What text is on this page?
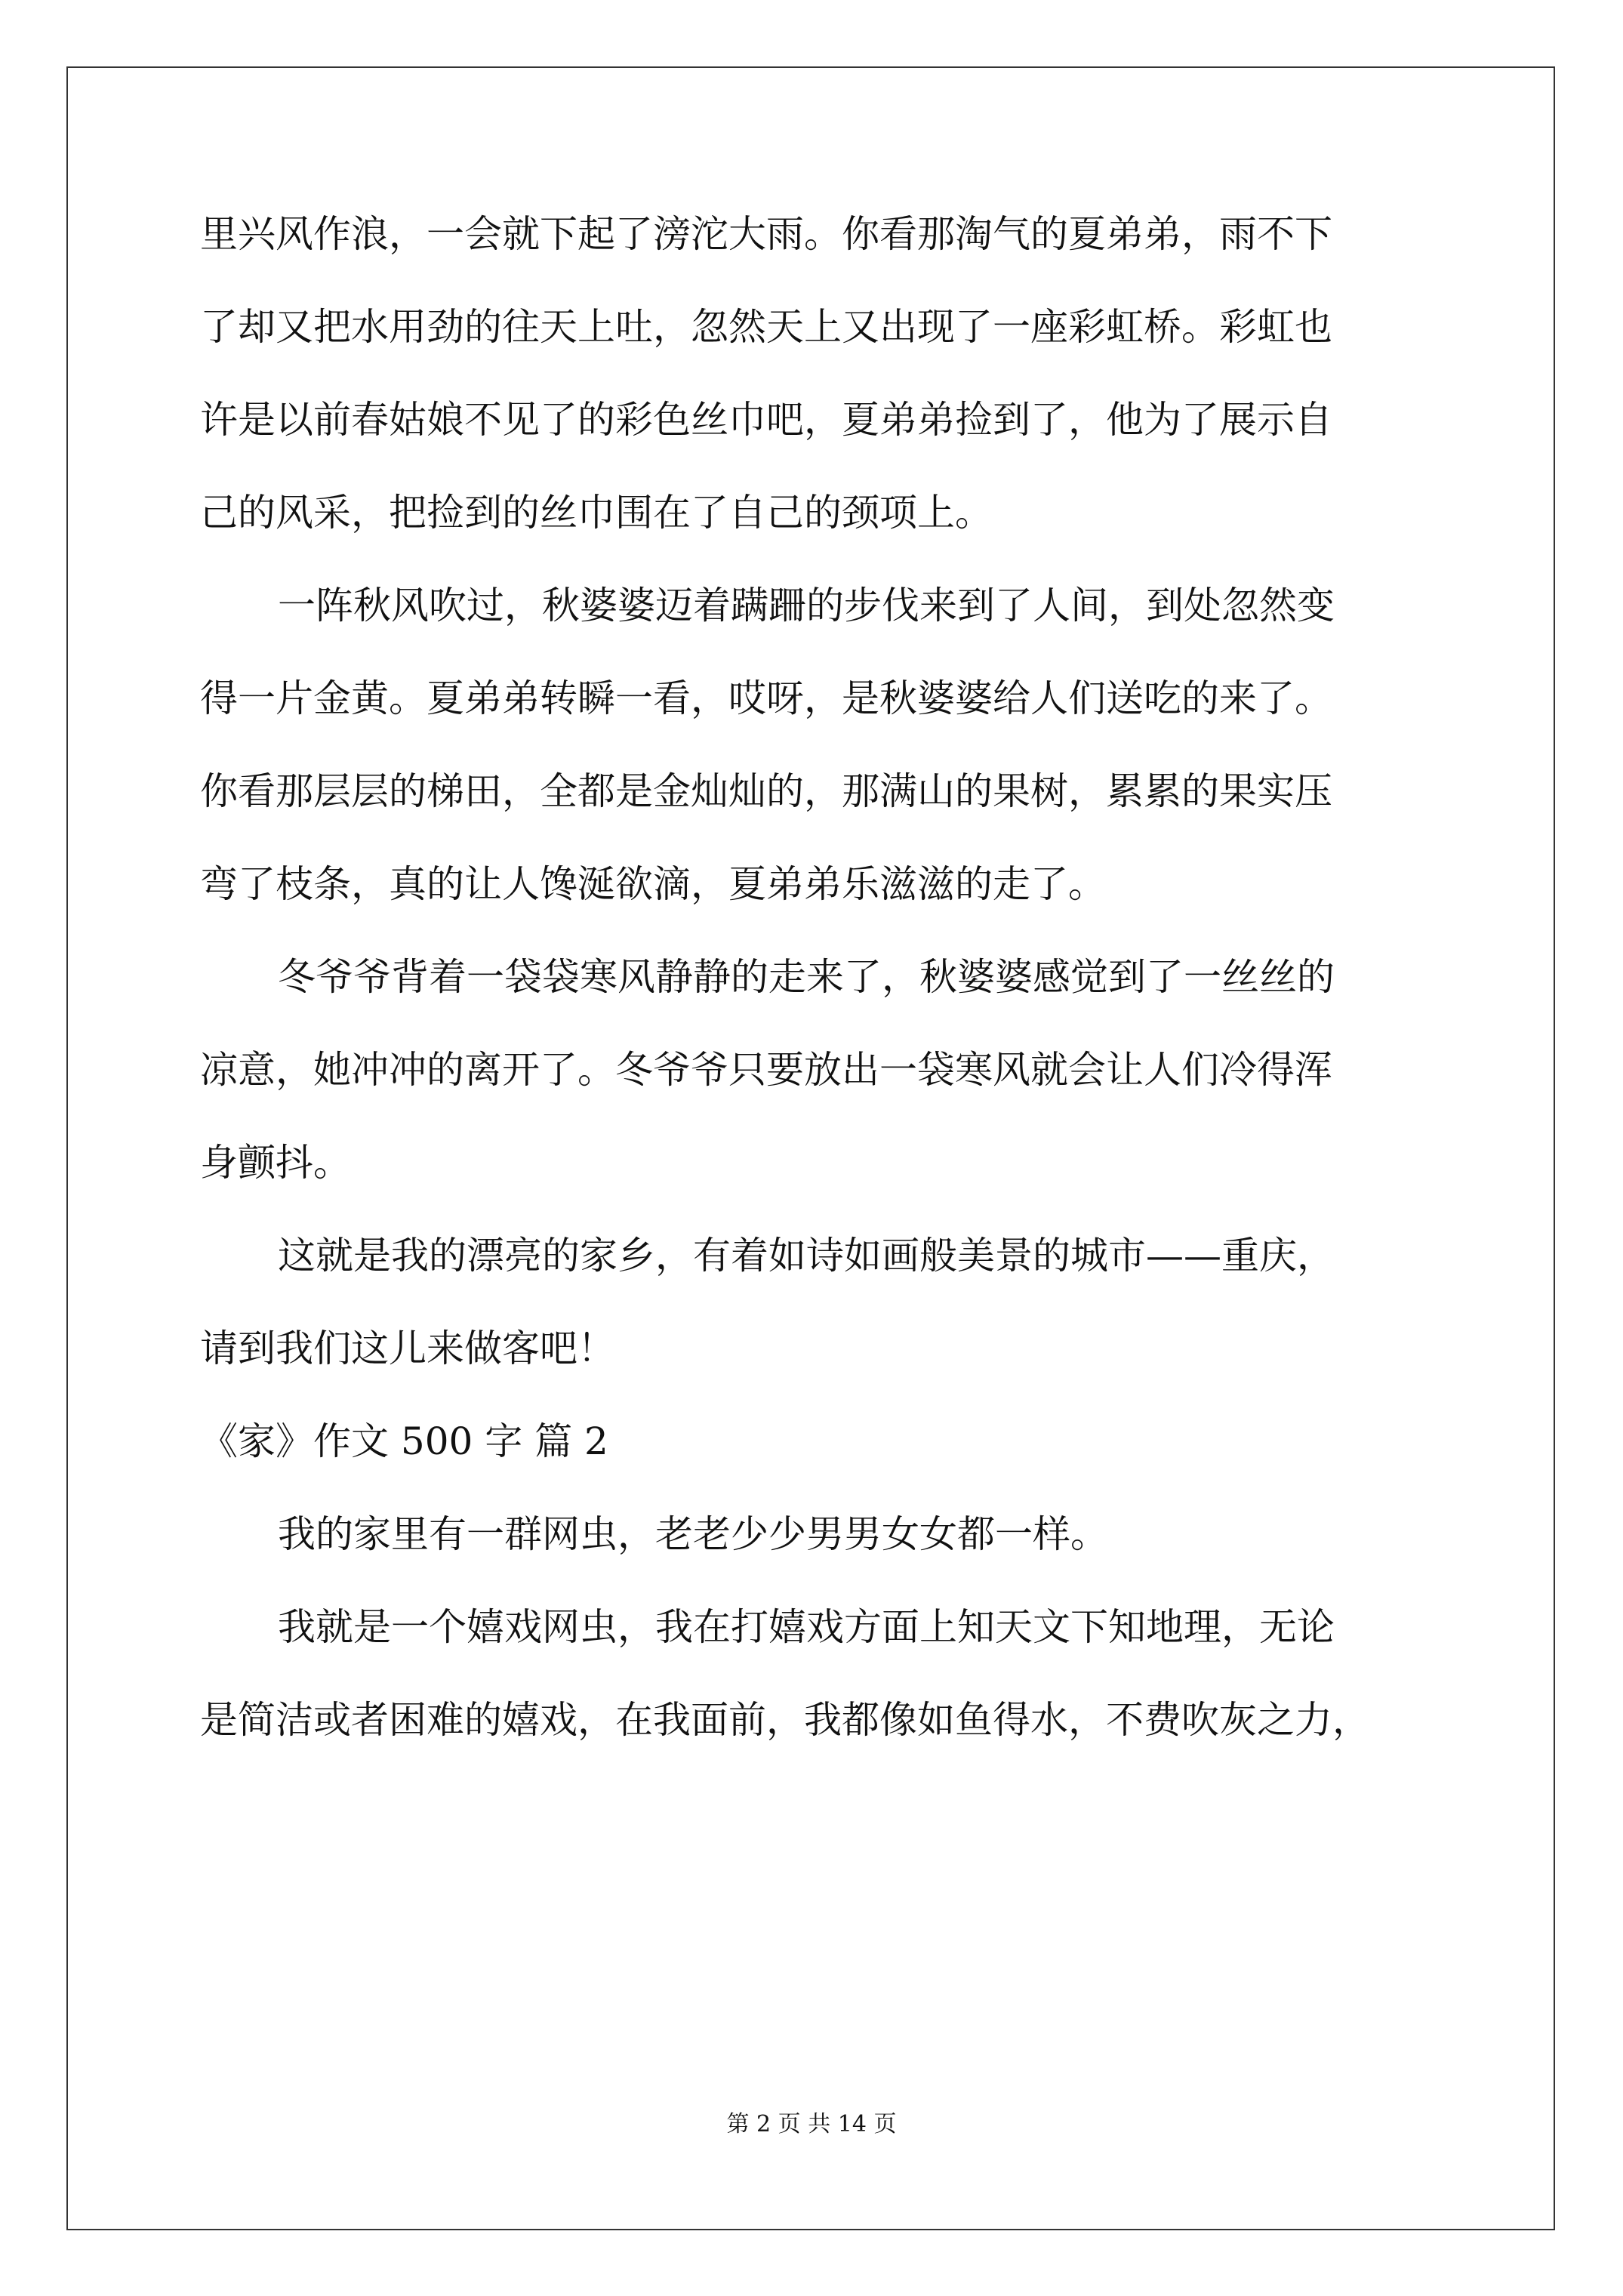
里兴风作浪，一会就下起了滂沱大雨。你看那淘气的夏弟弟，雨不下
了却又把水用劲的往天上吐，忽然天上又出现了一座彩虹桥。彩虹也
许是以前春姑娘不见了的彩色丝巾吧，夏弟弟捡到了，他为了展示自
己的风采，把捡到的丝巾围在了自己的颈项上。
一阵秋风吹过，秋婆婆迈着蹒跚的步伐来到了人间，到处忽然变
得一片金黄。夏弟弟转瞬一看，哎呀，是秋婆婆给人们送吃的来了。
你看那层层的梯田，全都是金灿灿的，那满山的果树，累累的果实压
弯了枝条，真的让人馋涎欲滴，夏弟弟乐滋滋的走了。
冬爷爷背着一袋袋寒风静静的走来了，秋婆婆感觉到了一丝丝的
凉意，她冲冲的离开了。冬爷爷只要放出一袋寒风就会让人们冷得浑
身颤抖。
这就是我的漂亮的家乡，有着如诗如画般美景的城市——重庆，
请到我们这儿来做客吧！
《家》作文 500 字 篇 2
我的家里有一群网虫，老老少少男男女女都一样。
我就是一个嬉戏网虫，我在打嬉戏方面上知天文下知地理，无论
是简洁或者困难的嬉戏，在我面前，我都像如鱼得水，不费吹灰之力，
第 2 页 共 14 页
